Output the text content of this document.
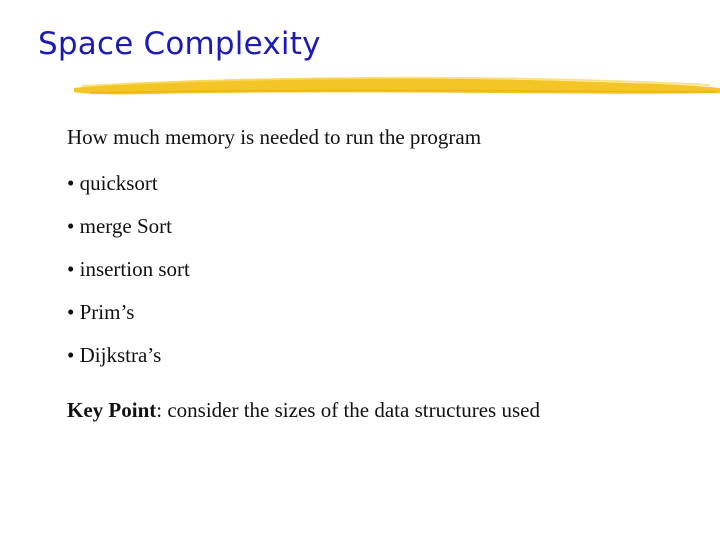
Space Complexity
How much memory is needed to run the program
• quicksort
• merge Sort
• insertion sort
• Prim’s
• Dijkstra’s
Key Point: consider the sizes of the data structures used
